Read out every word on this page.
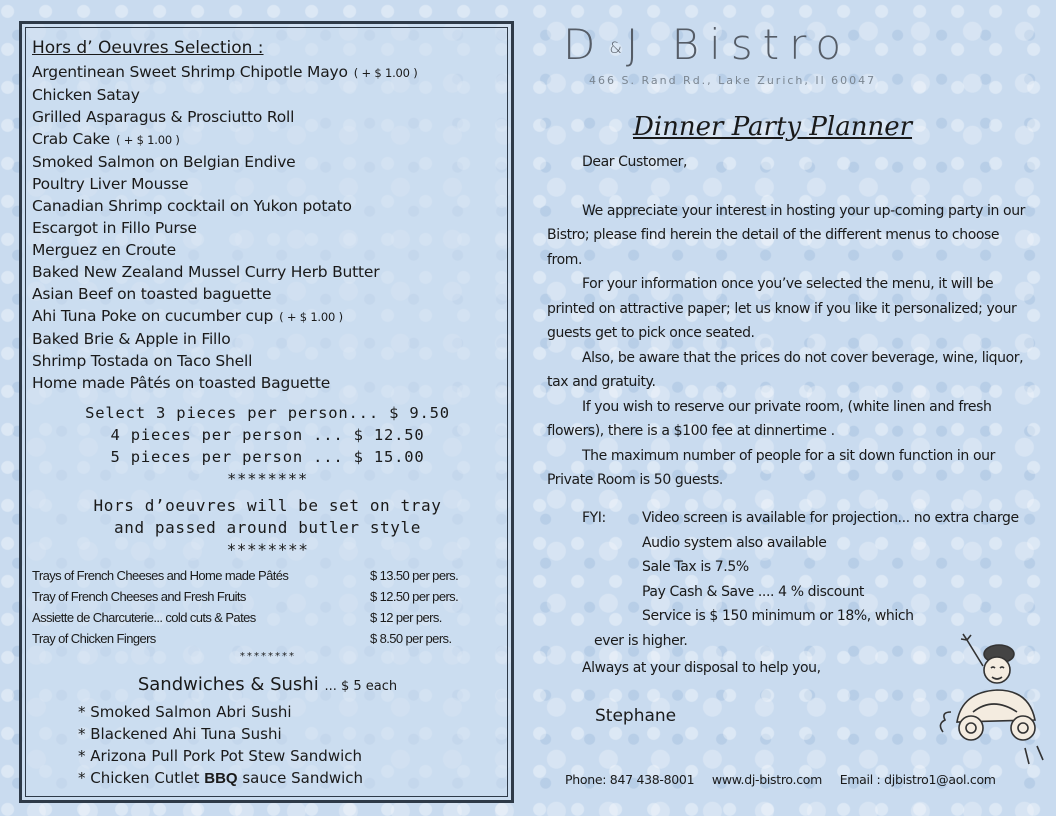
Hors d’ Oeuvres Selection :
Argentinean Sweet Shrimp Chipotle Mayo ( + $ 1.00 )
Chicken Satay
Grilled Asparagus & Prosciutto Roll
Crab Cake ( + $ 1.00 )
Smoked Salmon on Belgian Endive
Poultry Liver Mousse
Canadian Shrimp cocktail on Yukon potato
Escargot in Fillo Purse
Merguez en Croute
Baked New Zealand Mussel Curry Herb Butter
Asian Beef on toasted baguette
Ahi Tuna Poke on cucumber cup ( + $ 1.00 )
Baked Brie & Apple in Fillo
Shrimp Tostada on Taco Shell
Home made Pâtés on toasted Baguette
Select 3 pieces per person... $ 9.50
4 pieces per person ... $ 12.50
5 pieces per person ... $ 15.00
********
Hors d’oeuvres will be set on tray
and passed around butler style
********
Trays of French Cheeses and Home made Pâtés	$ 13.50 per pers.
Tray of French Cheeses and Fresh Fruits	$ 12.50 per pers.
Assiette de Charcuterie... cold cuts & Pates	$ 12 per pers.
Tray of Chicken Fingers	$ 8.50 per pers.
********
Sandwiches & Sushi ... $ 5 each
* Smoked Salmon Abri Sushi
* Blackened Ahi Tuna Sushi
* Arizona Pull Pork Pot Stew Sandwich
* Chicken Cutlet BBQ sauce Sandwich
D &J Bistro
466 S. Rand Rd., Lake Zurich, Il 60047
Dinner Party Planner

Dear Customer,

We appreciate your interest in hosting your up-coming party in our Bistro; please find herein the detail of the different menus to choose from.

For your information once you’ve selected the menu, it will be printed on attractive paper; let us know if you like it personalized; your guests get to pick once seated.

Also, be aware that the prices do not cover beverage, wine, liquor, tax and gratuity.

If you wish to reserve our private room, (white linen and fresh flowers), there is a $100 fee at dinnertime .

The maximum number of people for a sit down function in our Private Room is 50 guests.

FYI:	Video screen is available for projection... no extra charge
Audio system also available
Sale Tax is 7.5%
Pay Cash & Save .... 4 % discount
Service is $ 150 minimum or 18%, which
ever is higher.
Always at your disposal to help you,
Stephane
Phone: 847 438-8001 www.dj-bistro.com Email : djbistro1@aol.com
